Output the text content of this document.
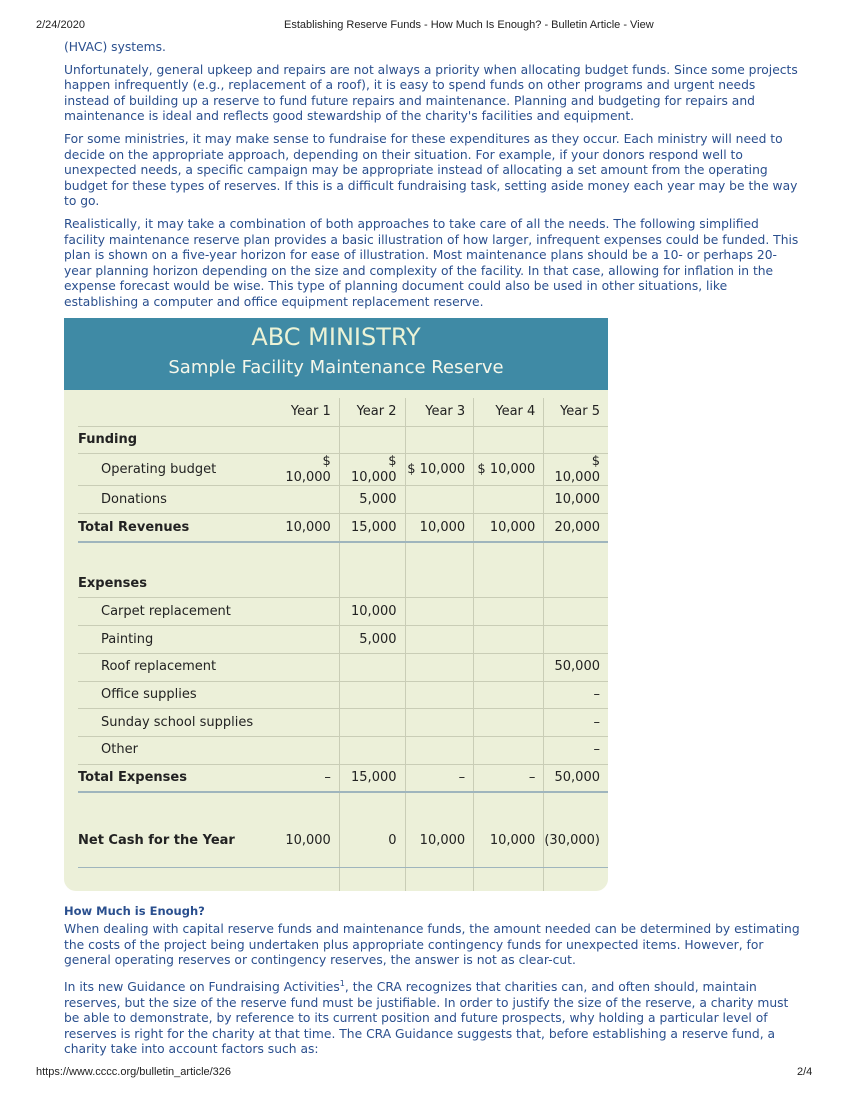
2/24/2020	Establishing Reserve Funds - How Much Is Enough? - Bulletin Article - View

(HVAC) systems.

Unfortunately, general upkeep and repairs are not always a priority when allocating budget funds. Since some projects happen infrequently (e.g., replacement of a roof), it is easy to spend funds on other programs and urgent needs instead of building up a reserve to fund future repairs and maintenance. Planning and budgeting for repairs and maintenance is ideal and reflects good stewardship of the charity's facilities and equipment.

For some ministries, it may make sense to fundraise for these expenditures as they occur. Each ministry will need to decide on the appropriate approach, depending on their situation. For example, if your donors respond well to unexpected needs, a specific campaign may be appropriate instead of allocating a set amount from the operating budget for these types of reserves. If this is a difficult fundraising task, setting aside money each year may be the way to go.

Realistically, it may take a combination of both approaches to take care of all the needs. The following simplified facility maintenance reserve plan provides a basic illustration of how larger, infrequent expenses could be funded. This plan is shown on a five-year horizon for ease of illustration. Most maintenance plans should be a 10- or perhaps 20-year planning horizon depending on the size and complexity of the facility. In that case, allowing for inflation in the expense forecast would be wise. This type of planning document could also be used in other situations, like establishing a computer and office equipment replacement reserve.

ABC MINISTRY
Sample Facility Maintenance Reserve
	Year 1	Year 2	Year 3	Year 4	Year 5
Funding					
Operating budget	$ 10,000	$ 10,000	$ 10,000	$ 10,000	$ 10,000
Donations		5,000			10,000
Total Revenues	10,000	15,000	10,000	10,000	20,000

Expenses					
Carpet replacement		10,000			
Painting		5,000			
Roof replacement					50,000
Office supplies					–
Sunday school supplies					–
Other					–
Total Expenses	–	15,000	–	–	50,000
Net Cash for the Year	10,000	0	10,000	10,000	(30,000)

How Much is Enough?

When dealing with capital reserve funds and maintenance funds, the amount needed can be determined by estimating the costs of the project being undertaken plus appropriate contingency funds for unexpected items. However, for general operating reserves or contingency reserves, the answer is not as clear-cut.

In its new Guidance on Fundraising Activities$^1$, the CRA recognizes that charities can, and often should, maintain reserves, but the size of the reserve fund must be justifiable. In order to justify the size of the reserve, a charity must be able to demonstrate, by reference to its current position and future prospects, why holding a particular level of reserves is right for the charity at that time. The CRA Guidance suggests that, before establishing a reserve fund, a charity take into account factors such as:

https://www.cccc.org/bulletin_article/326	2/4
